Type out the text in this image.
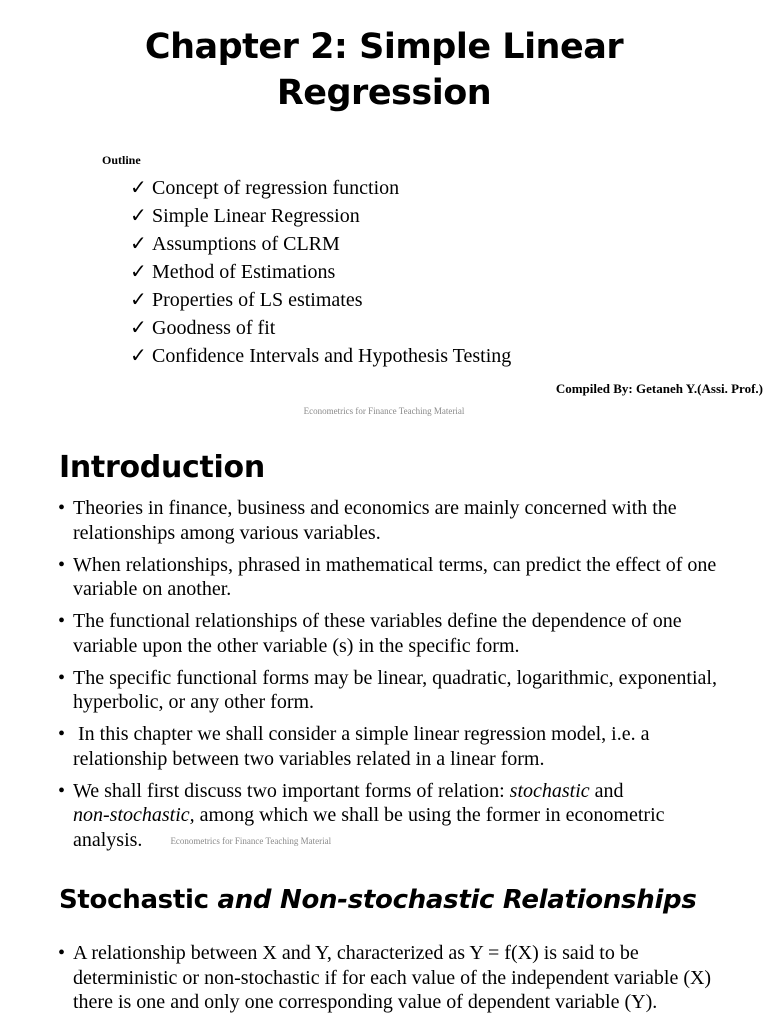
Chapter 2: Simple Linear
Regression
Outline
✓ Concept of regression function
✓ Simple Linear Regression
✓ Assumptions of CLRM
✓ Method of Estimations
✓ Properties of LS estimates
✓ Goodness of fit
✓ Confidence Intervals and Hypothesis Testing
Compiled By: Getaneh Y.(Assi. Prof.)
Econometrics for Finance Teaching Material
Introduction
• Theories in finance, business and economics are mainly concerned with the relationships among various variables.
• When relationships, phrased in mathematical terms, can predict the effect of one variable on another.
• The functional relationships of these variables define the dependence of one variable upon the other variable (s) in the specific form.
• The specific functional forms may be linear, quadratic, logarithmic, exponential, hyperbolic, or any other form.
• In this chapter we shall consider a simple linear regression model, i.e. a relationship between two variables related in a linear form.
• We shall first discuss two important forms of relation: stochastic and
non-stochastic, among which we shall be using the former in econometric analysis.	Econometrics for Finance Teaching Material
Stochastic and Non-stochastic Relationships
• A relationship between X and Y, characterized as Y = f(X) is said to be deterministic or non-stochastic if for each value of the independent variable (X) there is one and only one corresponding value of dependent variable (Y).
